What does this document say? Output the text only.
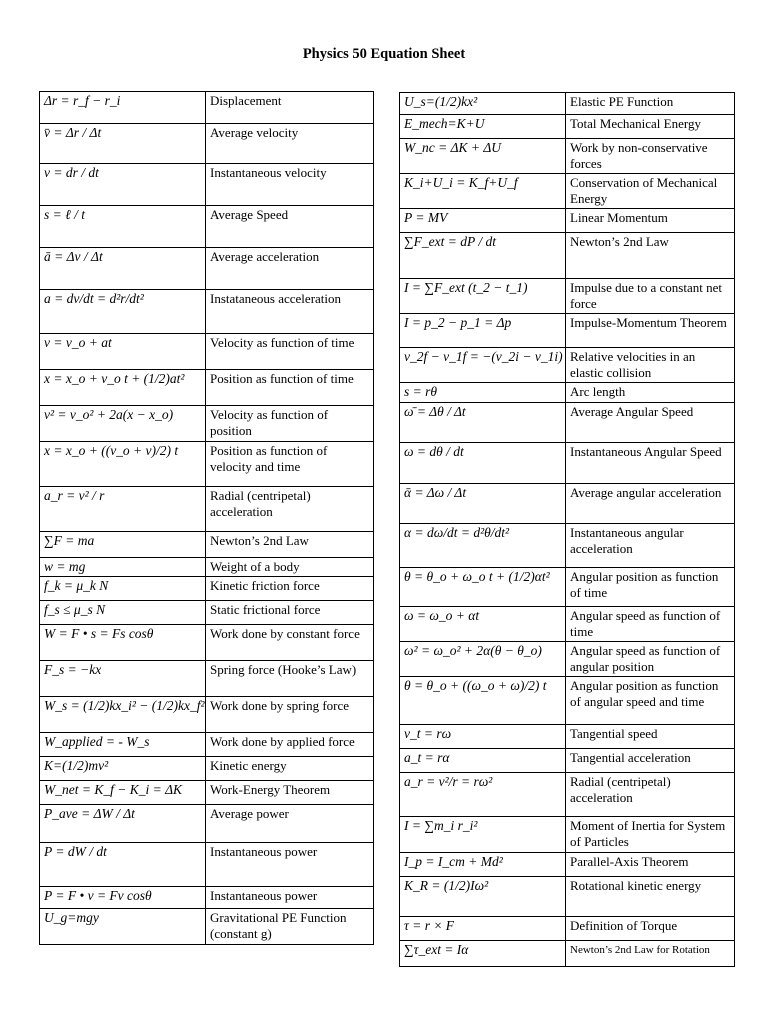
Physics 50 Equation Sheet
Δr = r_f − r_i	Displacement
v̄ = Δr / Δt	Average velocity
v = dr / dt	Instantaneous velocity
s = ℓ / t	Average Speed
ā = Δv / Δt	Average acceleration
a = dv/dt = d²r/dt²	Instataneous acceleration
v = v_o + at	Velocity as function of time
x = x_o + v_o t + (1/2)at²	Position as function of time
v² = v_o² + 2a(x − x_o)	Velocity as function of position
x = x_o + ((v_o + v)/2) t	Position as function of velocity and time
a_r = v² / r	Radial (centripetal) acceleration
∑F = ma	Newton’s 2nd Law
w = mg	Weight of a body
f_k = μ_k N	Kinetic friction force
f_s ≤ μ_s N	Static frictional force
W = F • s = Fs cosθ	Work done by constant force
F_s = −kx	Spring force (Hooke’s Law)
W_s = (1/2)kx_i² − (1/2)kx_f²	Work done by spring force
W_applied = - W_s	Work done by applied force
K=(1/2)mv²	Kinetic energy
W_net = K_f − K_i = ΔK	Work-Energy Theorem
P_ave = ΔW / Δt	Average power
P = dW / dt	Instantaneous power
P = F • v = Fv cosθ	Instantaneous power
U_g=mgy	Gravitational PE Function (constant g)
U_s=(1/2)kx²	Elastic PE Function
E_mech=K+U	Total Mechanical Energy
W_nc = ΔK + ΔU	Work by non-conservative forces
K_i+U_i = K_f+U_f	Conservation of Mechanical Energy
P = MV	Linear Momentum
∑F_ext = dP / dt	Newton’s 2nd Law
I = ∑F_ext (t_2 − t_1)	Impulse due to a constant net force
I = p_2 − p_1 = Δp	Impulse-Momentum Theorem
v_2f − v_1f = −(v_2i − v_1i)	Relative velocities in an elastic collision
s = rθ	Arc length
ω̄ = Δθ / Δt	Average Angular Speed
ω = dθ / dt	Instantaneous Angular Speed
ᾱ = Δω / Δt	Average angular acceleration
α = dω/dt = d²θ/dt²	Instantaneous angular acceleration
θ = θ_o + ω_o t + (1/2)αt²	Angular position as function of time
ω = ω_o + αt	Angular speed as function of time
ω² = ω_o² + 2α(θ − θ_o)	Angular speed as function of angular position
θ = θ_o + ((ω_o + ω)/2) t	Angular position as function of angular speed and time
v_t = rω	Tangential speed
a_t = rα	Tangential acceleration
a_r = v²/r = rω²	Radial (centripetal) acceleration
I = ∑m_i r_i²	Moment of Inertia for System of Particles
I_p = I_cm + Md²	Parallel-Axis Theorem
K_R = (1/2)Iω²	Rotational kinetic energy
τ = r × F	Definition of Torque
∑τ_ext = Iα	Newton’s 2nd Law for Rotation
